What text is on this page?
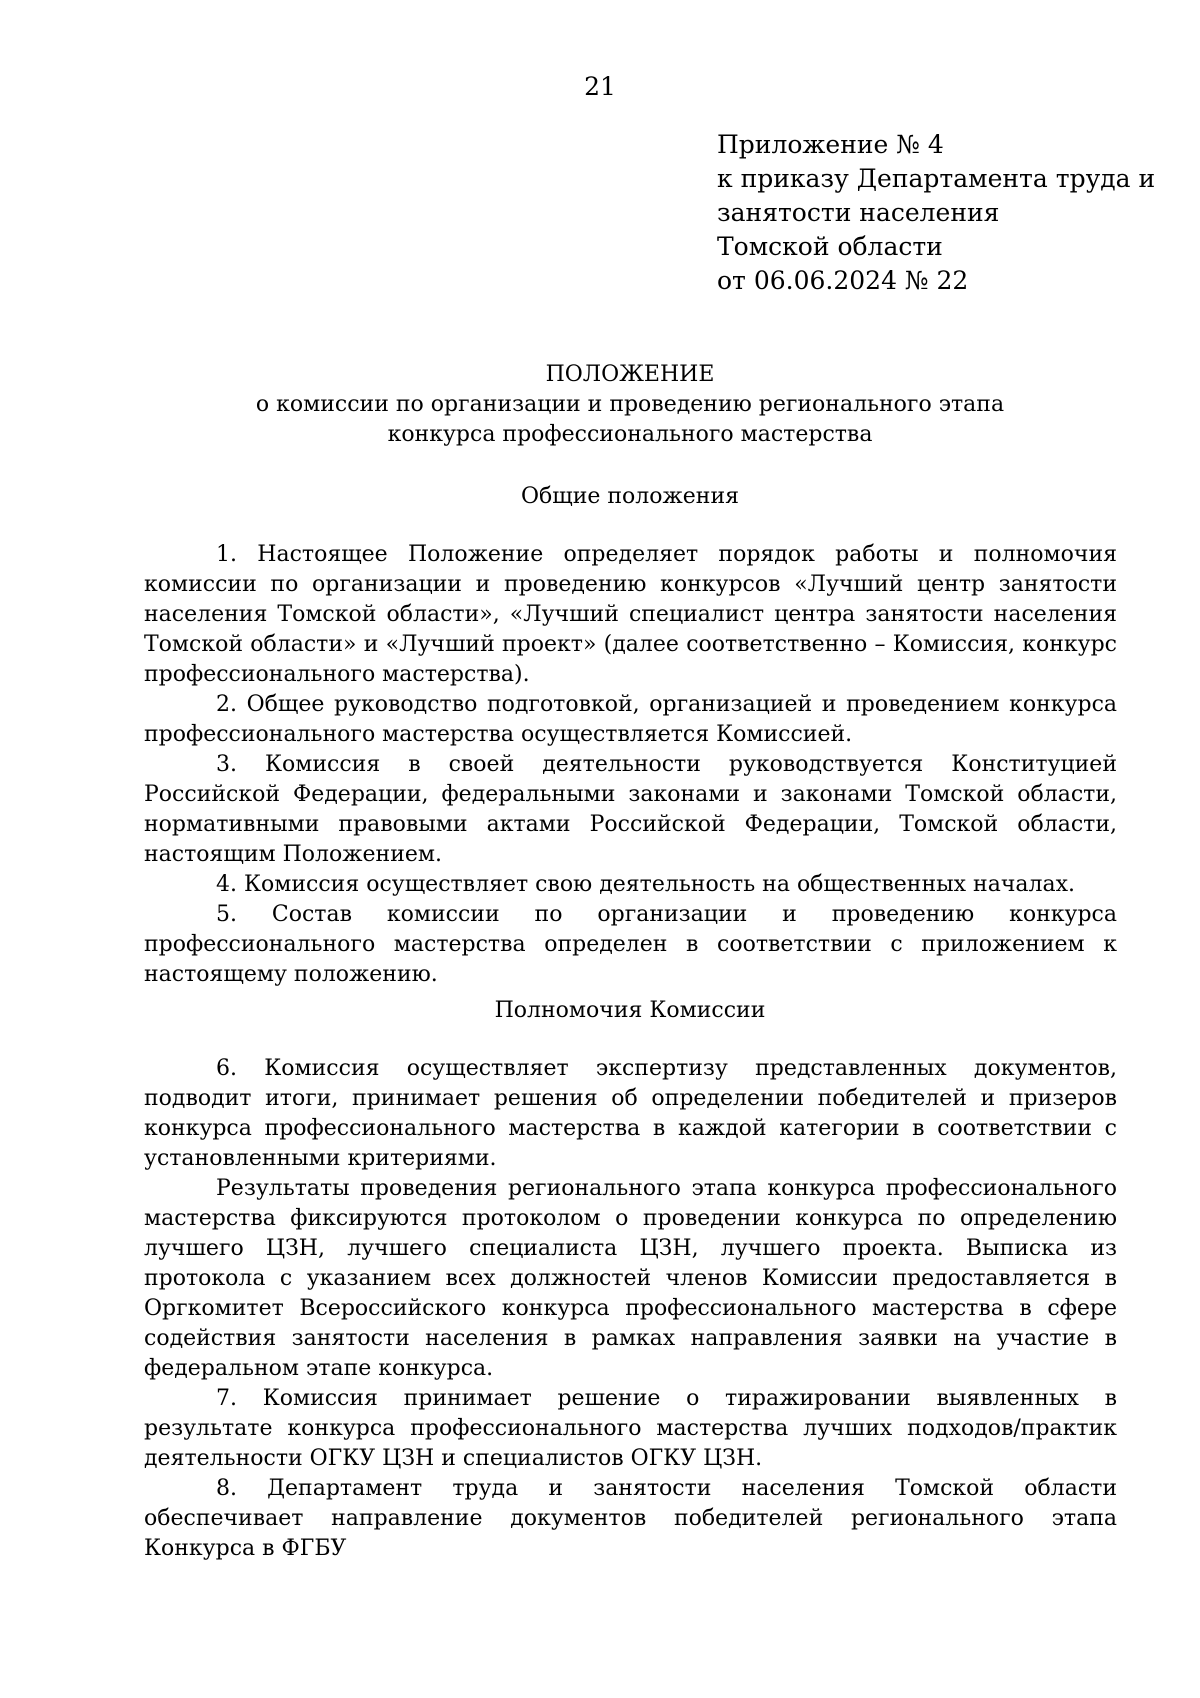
21
Приложение № 4
к приказу Департамента труда и
занятости населения
Томской области
от 06.06.2024 № 22
ПОЛОЖЕНИЕ
о комиссии по организации и проведению регионального этапа
конкурса профессионального мастерства
Общие положения

1. Настоящее Положение определяет порядок работы и полномочия комиссии по организации и проведению конкурсов «Лучший центр занятости населения Томской области», «Лучший специалист центра занятости населения Томской области» и «Лучший проект» (далее соответственно – Комиссия, конкурс профессионального мастерства).

2. Общее руководство подготовкой, организацией и проведением конкурса профессионального мастерства осуществляется Комиссией.

3. Комиссия в своей деятельности руководствуется Конституцией Российской Федерации, федеральными законами и законами Томской области, нормативными правовыми актами Российской Федерации, Томской области, настоящим Положением.

4. Комиссия осуществляет свою деятельность на общественных началах.

5. Состав комиссии по организации и проведению конкурса профессионального мастерства определен в соответствии с приложением к настоящему положению.

Полномочия Комиссии

6. Комиссия осуществляет экспертизу представленных документов, подводит итоги, принимает решения об определении победителей и призеров конкурса профессионального мастерства в каждой категории в соответствии с установленными критериями.

Результаты проведения регионального этапа конкурса профессионального мастерства фиксируются протоколом о проведении конкурса по определению лучшего ЦЗН, лучшего специалиста ЦЗН, лучшего проекта. Выписка из протокола с указанием всех должностей членов Комиссии предоставляется в Оргкомитет Всероссийского конкурса профессионального мастерства в сфере содействия занятости населения в рамках направления заявки на участие в федеральном этапе конкурса.

7. Комиссия принимает решение о тиражировании выявленных в результате конкурса профессионального мастерства лучших подходов/практик деятельности ОГКУ ЦЗН и специалистов ОГКУ ЦЗН.

8. Департамент труда и занятости населения Томской области обеспечивает направление документов победителей регионального этапа Конкурса в ФГБУ
